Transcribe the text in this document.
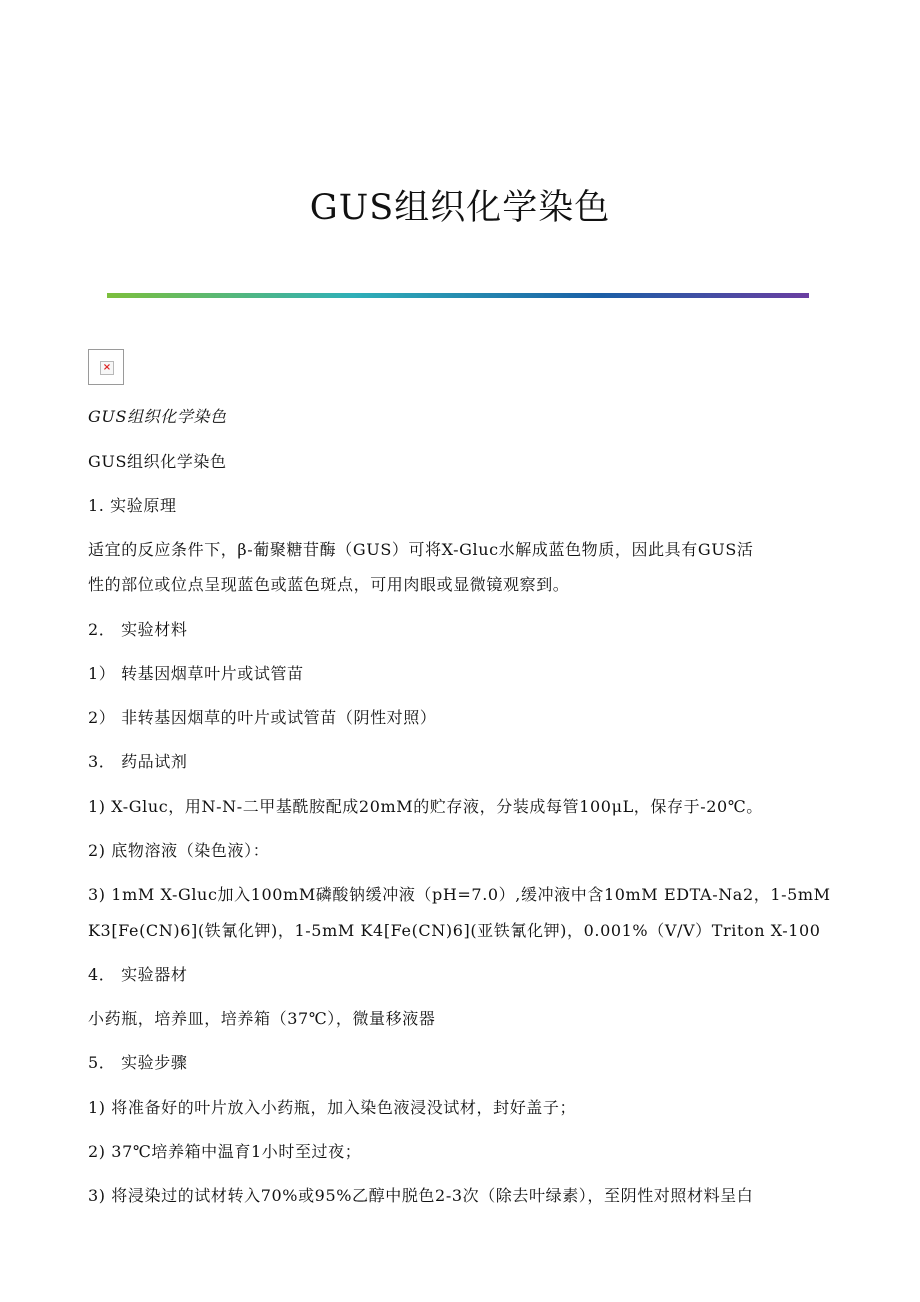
GUS组织化学染色
×
GUS组织化学染色
GUS组织化学染色
1. 实验原理
适宜的反应条件下，β-葡聚糖苷酶（GUS）可将X-Gluc水解成蓝色物质，因此具有GUS活
性的部位或位点呈现蓝色或蓝色斑点，可用肉眼或显微镜观察到。
2． 实验材料
1） 转基因烟草叶片或试管苗
2） 非转基因烟草的叶片或试管苗（阴性对照）
3． 药品试剂
1) X-Gluc，用N-N-二甲基酰胺配成20mM的贮存液，分装成每管100μL，保存于-20℃。
2) 底物溶液（染色液）：
3) 1mM X-Gluc加入100mM磷酸钠缓冲液（pH=7.0）,缓冲液中含10mM EDTA-Na2，1-5mM
K3[Fe(CN)6](铁氰化钾)，1-5mM K4[Fe(CN)6](亚铁氰化钾)，0.001%（V/V）Triton X-100
4． 实验器材
小药瓶，培养皿，培养箱（37℃），微量移液器
5． 实验步骤
1) 将准备好的叶片放入小药瓶，加入染色液浸没试材，封好盖子；
2) 37℃培养箱中温育1小时至过夜；
3) 将浸染过的试材转入70%或95%乙醇中脱色2-3次（除去叶绿素），至阴性对照材料呈白
